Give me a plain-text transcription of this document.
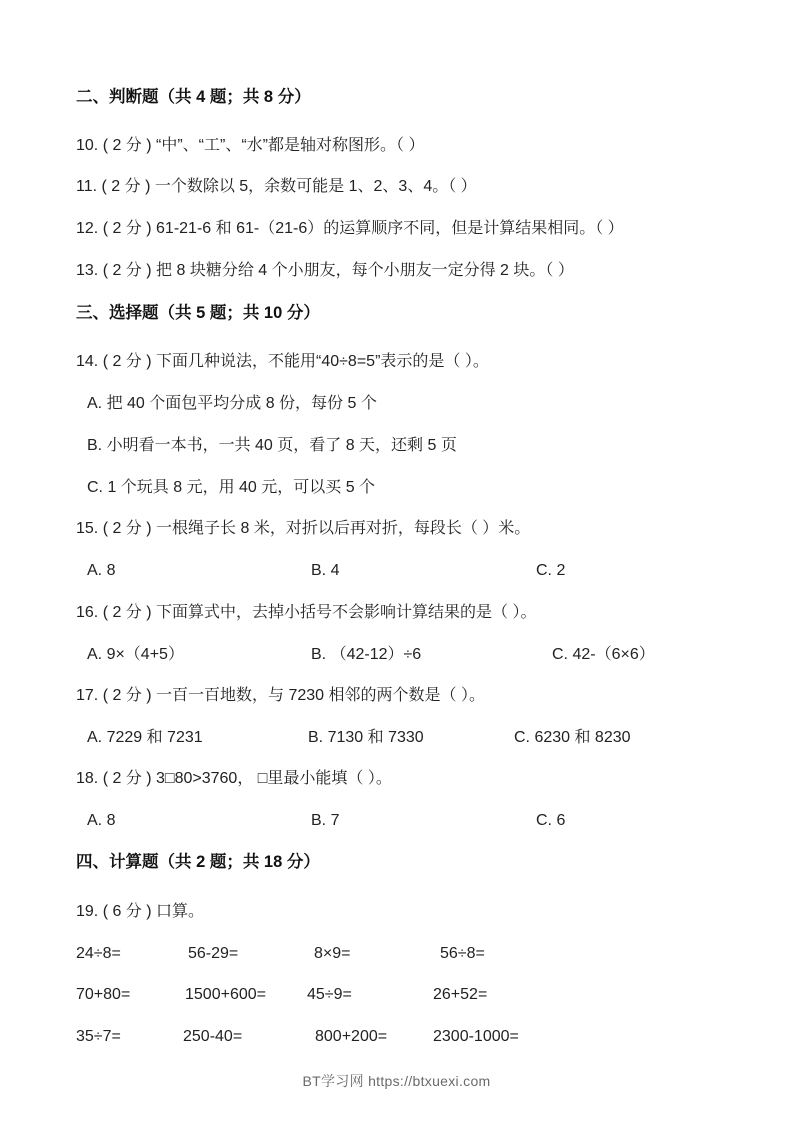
二、判断题（共 4 题；共 8 分）
10. ( 2 分 ) “中”、“工”、“水”都是轴对称图形。（ ）
11. ( 2 分 ) 一个数除以 5，余数可能是 1、2、3、4。（ ）
12. ( 2 分 ) 61-21-6 和 61-（21-6）的运算顺序不同，但是计算结果相同。（ ）
13. ( 2 分 ) 把 8 块糖分给 4 个小朋友，每个小朋友一定分得 2 块。（ ）
三、选择题（共 5 题；共 10 分）
14. ( 2 分 ) 下面几种说法，不能用“40÷8=5”表示的是（ ）。
A. 把 40 个面包平均分成 8 份，每份 5 个
B. 小明看一本书，一共 40 页，看了 8 天，还剩 5 页
C. 1 个玩具 8 元，用 40 元，可以买 5 个
15. ( 2 分 ) 一根绳子长 8 米，对折以后再对折，每段长（ ）米。
A. 8	B. 4	C. 2
16. ( 2 分 ) 下面算式中，去掉小括号不会影响计算结果的是（ ）。
A. 9×（4+5）	B. （42-12）÷6	C. 42-（6×6）
17. ( 2 分 ) 一百一百地数，与 7230 相邻的两个数是（ ）。
A. 7229 和 7231	B. 7130 和 7330	C. 6230 和 8230
18. ( 2 分 ) 3□80>3760， □里最小能填（ ）。
A. 8	B. 7	C. 6
四、计算题（共 2 题；共 18 分）
19. ( 6 分 ) 口算。
24÷8=	56-29=	8×9=	56÷8=
70+80=	1500+600=	45÷9=	26+52=
35÷7=	250-40=	800+200=	2300-1000=
BT学习网 https://btxuexi.com
